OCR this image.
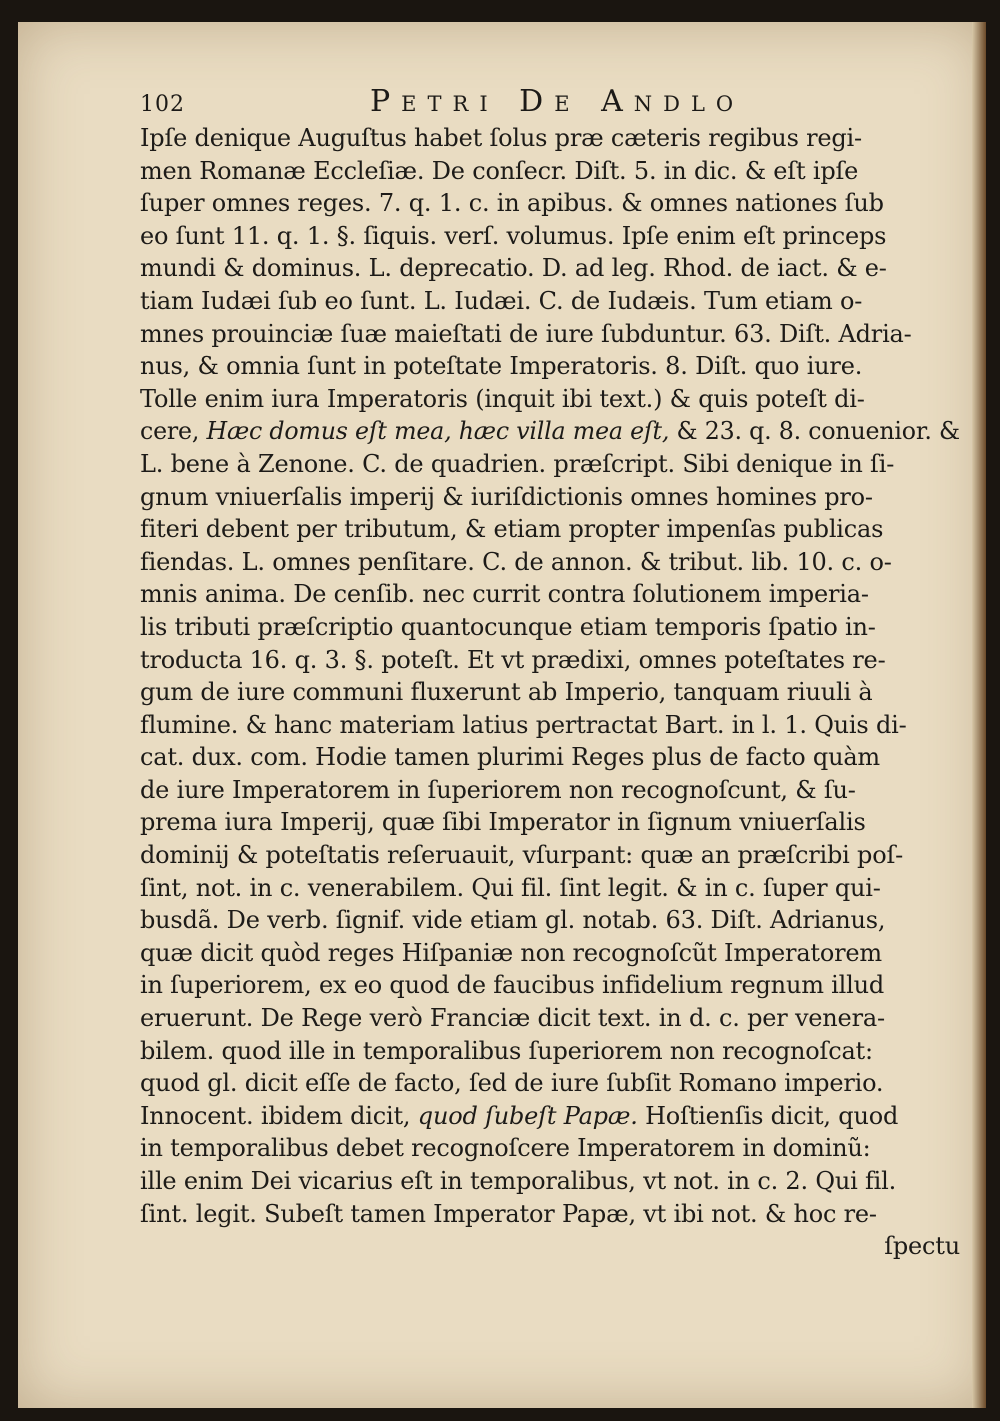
102	Petri De Andlo
Ipſe denique Auguſtus habet ſolus præ cæteris regibus regi-
men Romanæ Eccleſiæ. De conſecr. Diſt. 5. in dic. & eſt ipſe
ſuper omnes reges. 7. q. 1. c. in apibus. & omnes nationes ſub
eo ſunt 11. q. 1. §. ſiquis. verſ. volumus. Ipſe enim eſt princeps
mundi & dominus. L. deprecatio. D. ad leg. Rhod. de iact. & e-
tiam Iudæi ſub eo ſunt. L. Iudæi. C. de Iudæis. Tum etiam o-
mnes prouinciæ ſuæ maieſtati de iure ſubduntur. 63. Diſt. Adria-
nus, & omnia ſunt in poteſtate Imperatoris. 8. Diſt. quo iure.
Tolle enim iura Imperatoris (inquit ibi text.) & quis poteſt di-
cere, Hæc domus eſt mea, hæc villa mea eſt, & 23. q. 8. conuenior. &
L. bene à Zenone. C. de quadrien. præſcript. Sibi denique in ſi-
gnum vniuerſalis imperij & iuriſdictionis omnes homines pro-
fiteri debent per tributum, & etiam propter impenſas publicas
fiendas. L. omnes penſitare. C. de annon. & tribut. lib. 10. c. o-
mnis anima. De cenſib. nec currit contra ſolutionem imperia-
lis tributi præſcriptio quantocunque etiam temporis ſpatio in-
troducta 16. q. 3. §. poteſt. Et vt prædixi, omnes poteſtates re-
gum de iure communi fluxerunt ab Imperio, tanquam riuuli à
flumine. & hanc materiam latius pertractat Bart. in l. 1. Quis di-
cat. dux. com. Hodie tamen plurimi Reges plus de facto quàm
de iure Imperatorem in ſuperiorem non recognoſcunt, & ſu-
prema iura Imperij, quæ ſibi Imperator in ſignum vniuerſalis
dominij & poteſtatis reſeruauit, vſurpant: quæ an præſcribi poſ-
ſint, not. in c. venerabilem. Qui fil. ſint legit. & in c. ſuper qui-
busdã. De verb. ſignif. vide etiam gl. notab. 63. Diſt. Adrianus,
quæ dicit quòd reges Hiſpaniæ non recognoſcũt Imperatorem
in ſuperiorem, ex eo quod de faucibus infidelium regnum illud
eruerunt. De Rege verò Franciæ dicit text. in d. c. per venera-
bilem. quod ille in temporalibus ſuperiorem non recognoſcat:
quod gl. dicit eſſe de facto, ſed de iure ſubſit Romano imperio.
Innocent. ibidem dicit, quod ſubeſt Papæ. Hoſtienſis dicit, quod
in temporalibus debet recognoſcere Imperatorem in dominũ:
ille enim Dei vicarius eſt in temporalibus, vt not. in c. 2. Qui fil.
ſint. legit. Subeſt tamen Imperator Papæ, vt ibi not. & hoc re-
ſpectu
